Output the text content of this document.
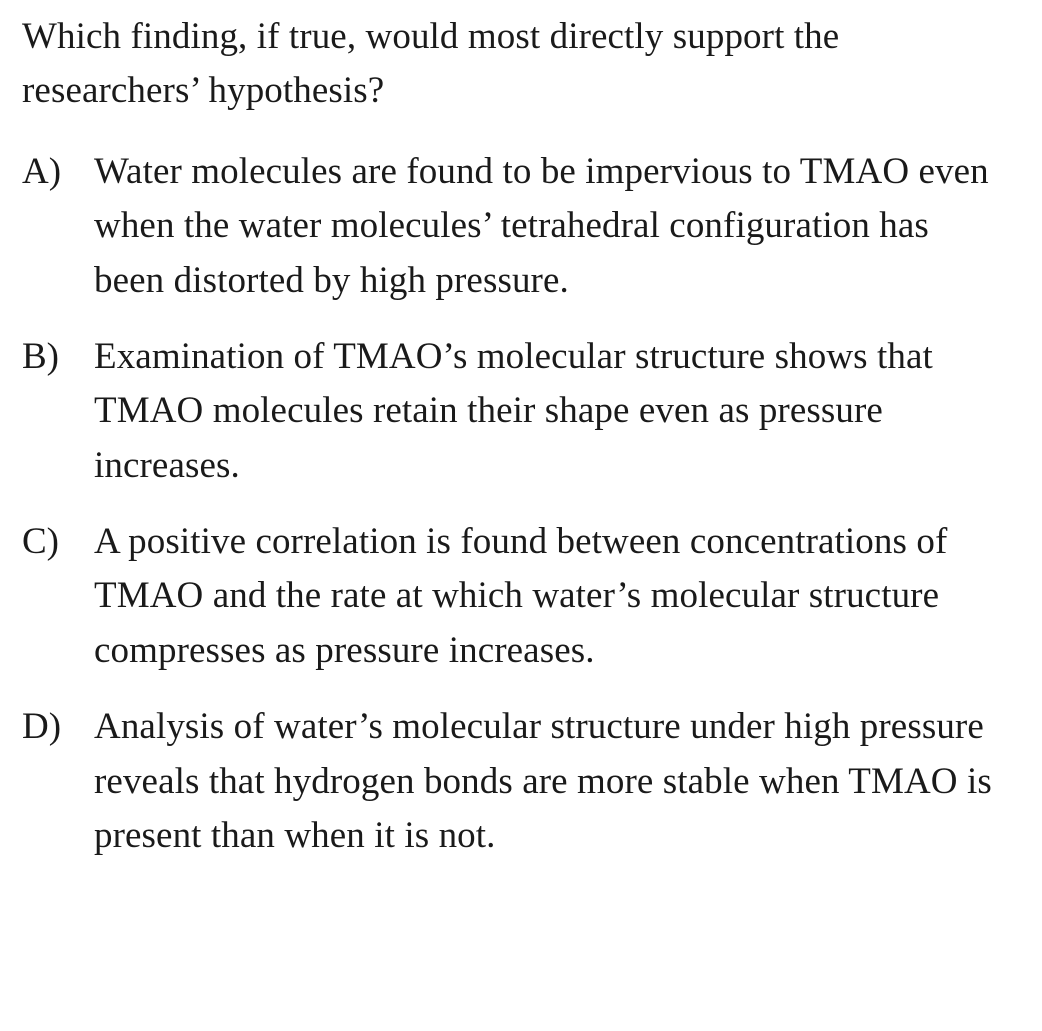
Which finding, if true, would most directly support the researchers’ hypothesis?

A) Water molecules are found to be impervious to TMAO even when the water molecules’ tetrahedral configuration has been distorted by high pressure.
B) Examination of TMAO’s molecular structure shows that TMAO molecules retain their shape even as pressure increases.
C) A positive correlation is found between concentrations of TMAO and the rate at which water’s molecular structure compresses as pressure increases.
D) Analysis of water’s molecular structure under high pressure reveals that hydrogen bonds are more stable when TMAO is present than when it is not.
